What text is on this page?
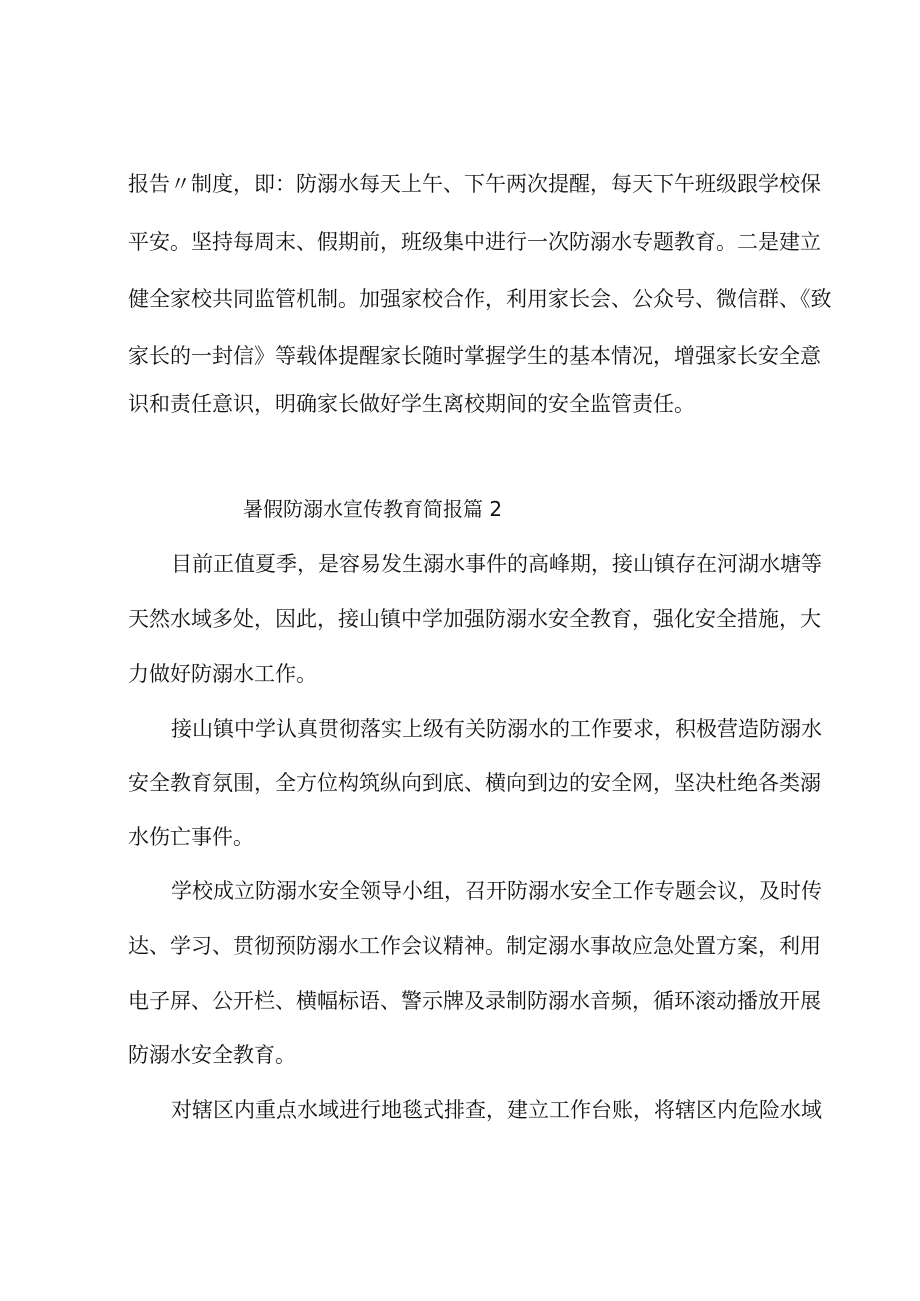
报告〃制度，即：防溺水每天上午、下午两次提醒，每天下午班级跟学校保
平安。坚持每周末、假期前，班级集中进行一次防溺水专题教育。二是建立
健全家校共同监管机制。加强家校合作，利用家长会、公众号、微信群、《致
家长的一封信》等载体提醒家长随时掌握学生的基本情况，增强家长安全意
识和责任意识，明确家长做好学生离校期间的安全监管责任。
暑假防溺水宣传教育简报篇 2
目前正值夏季，是容易发生溺水事件的高峰期，接山镇存在河湖水塘等
天然水域多处，因此，接山镇中学加强防溺水安全教育，强化安全措施，大
力做好防溺水工作。
接山镇中学认真贯彻落实上级有关防溺水的工作要求，积极营造防溺水
安全教育氛围，全方位构筑纵向到底、横向到边的安全网，坚决杜绝各类溺
水伤亡事件。
学校成立防溺水安全领导小组，召开防溺水安全工作专题会议，及时传
达、学习、贯彻预防溺水工作会议精神。制定溺水事故应急处置方案，利用
电子屏、公开栏、横幅标语、警示牌及录制防溺水音频，循环滚动播放开展
防溺水安全教育。
对辖区内重点水域进行地毯式排查，建立工作台账，将辖区内危险水域
